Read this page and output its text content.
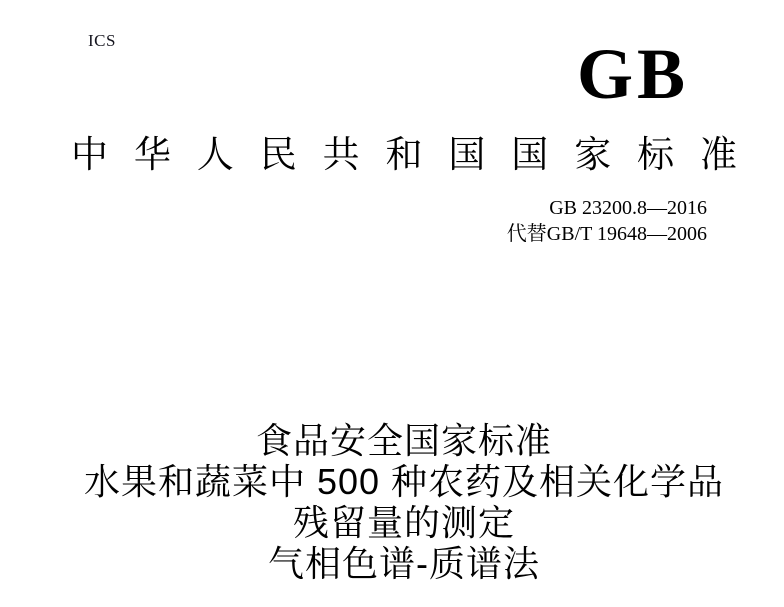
ICS	GB
中 华 人 民 共 和 国 国 家 标 准
GB 23200.8—2016
代替GB/T 19648—2006
食品安全国家标准
水果和蔬菜中 500 种农药及相关化学品
残留量的测定
气相色谱-质谱法
